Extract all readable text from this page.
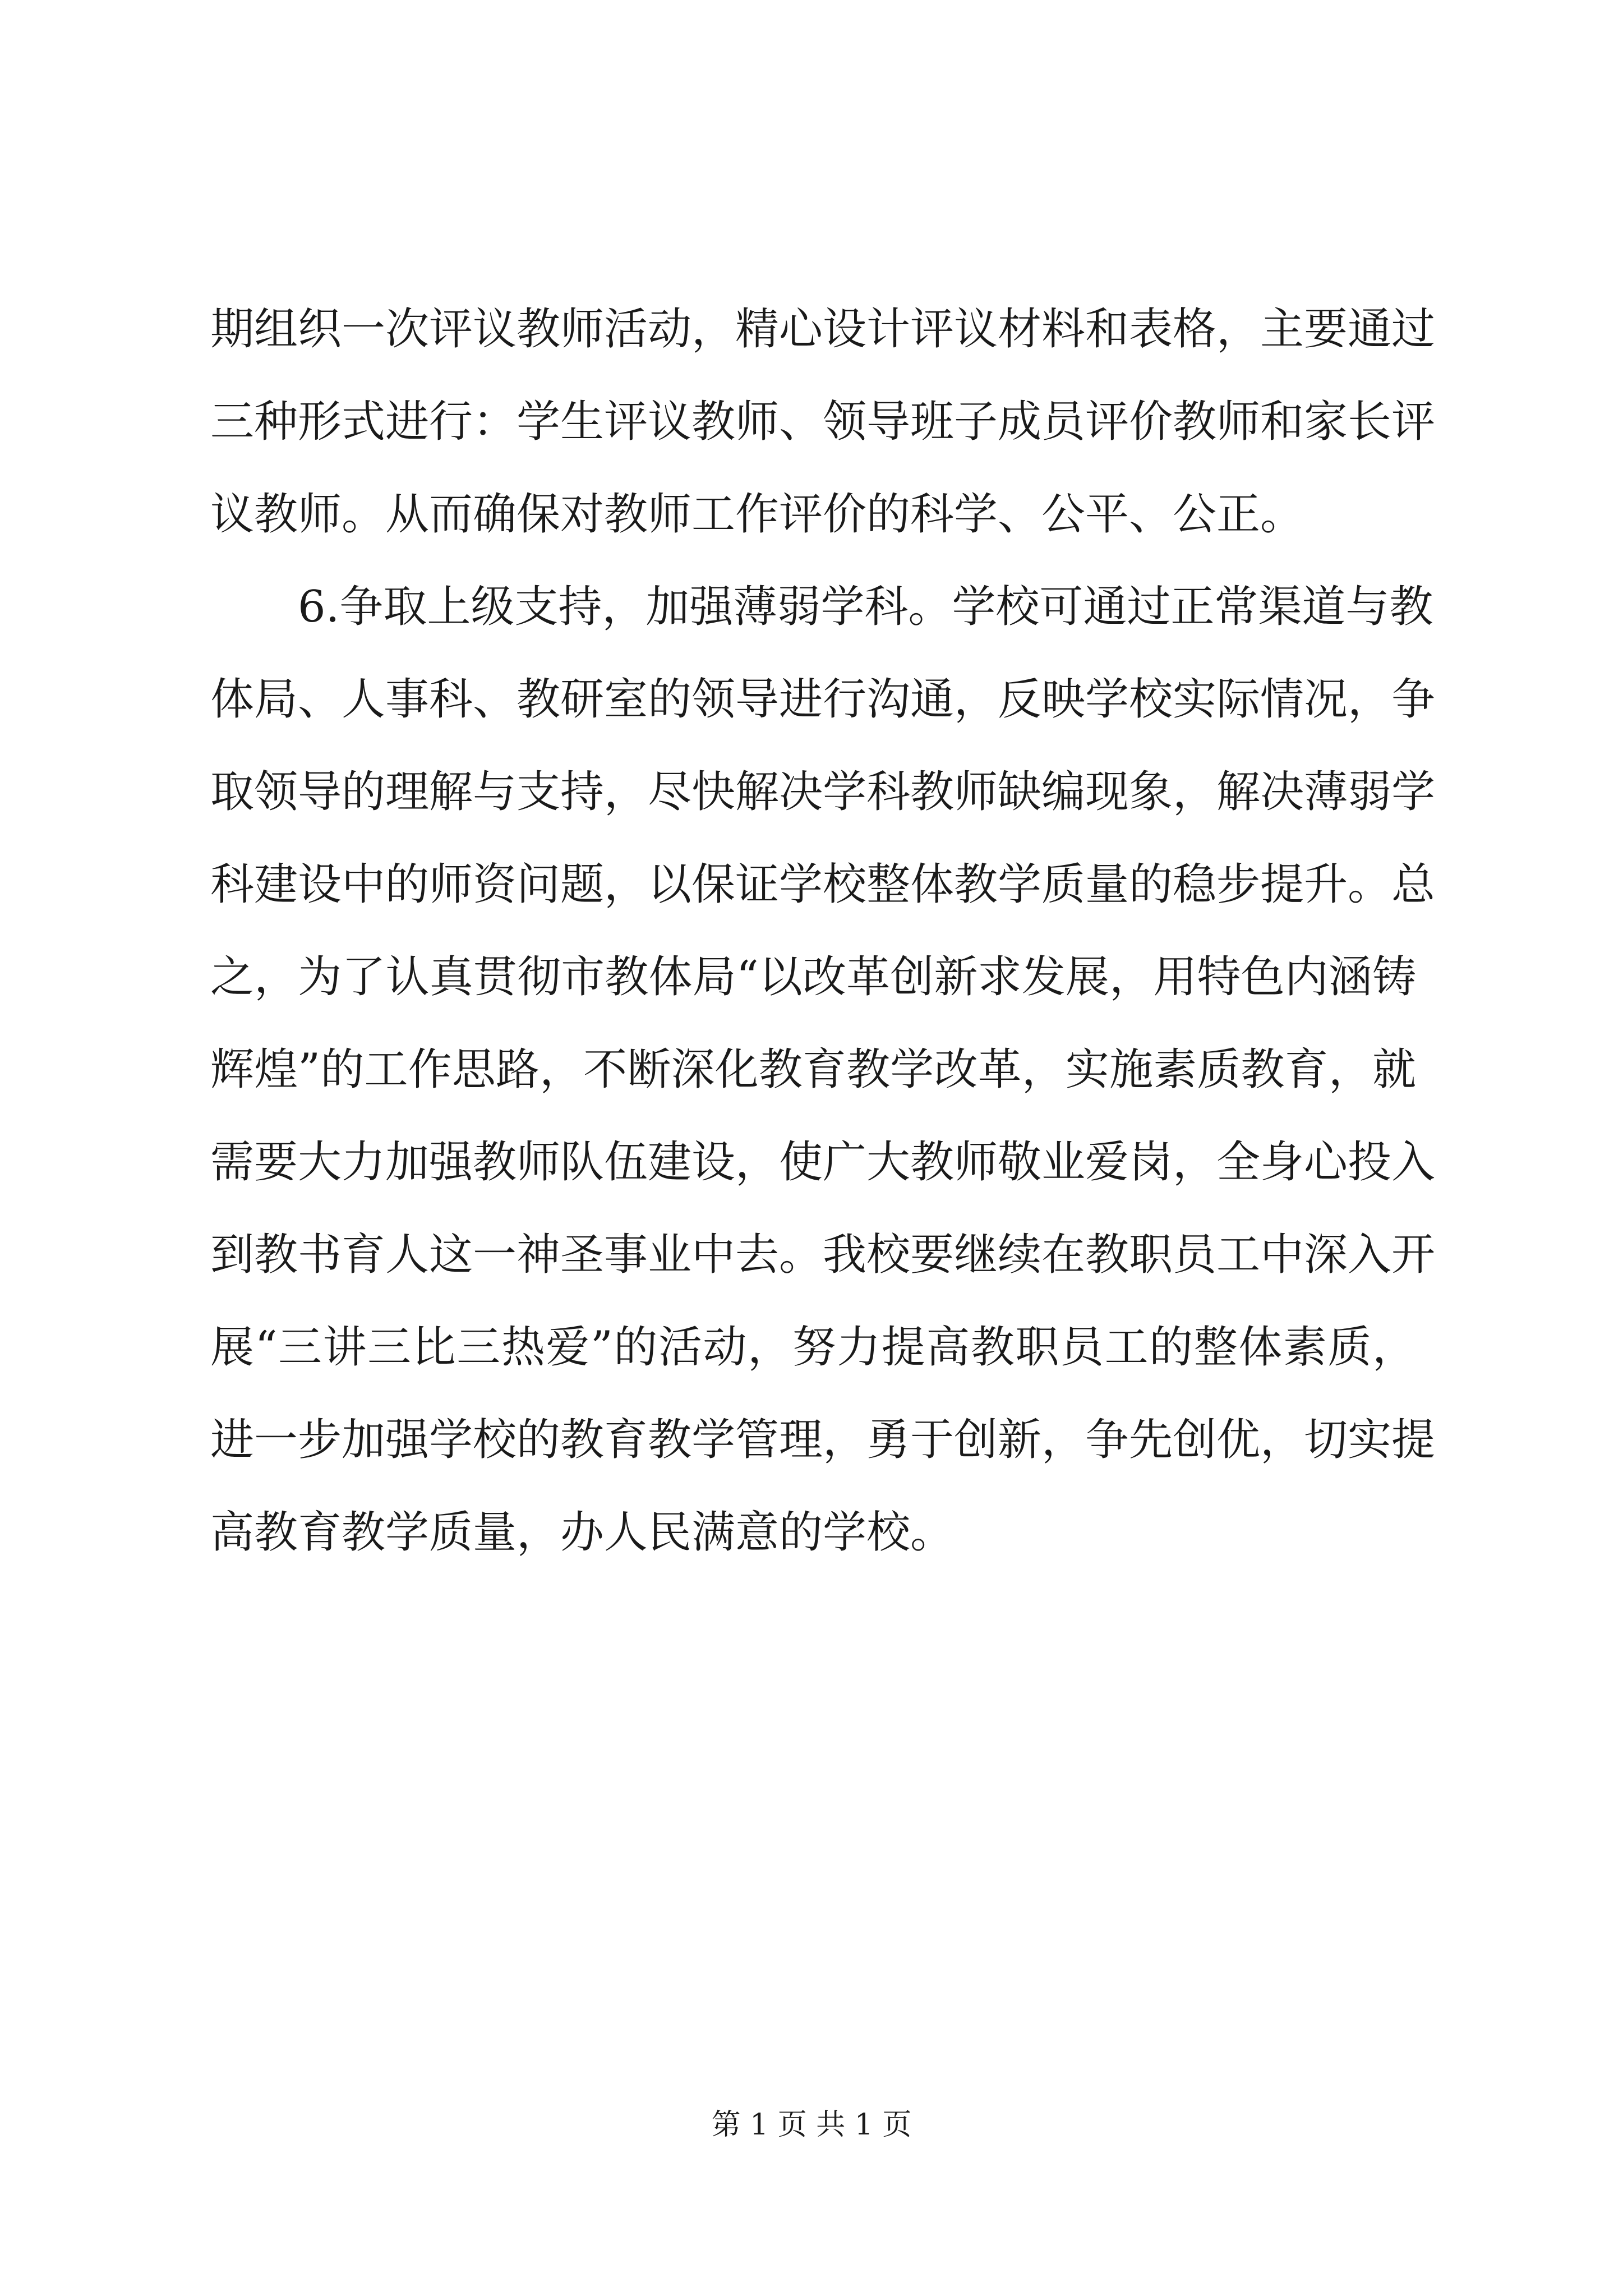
期组织一次评议教师活动，精心设计评议材料和表格，主要通过
三种形式进行：学生评议教师、领导班子成员评价教师和家长评
议教师。从而确保对教师工作评价的科学、公平、公正。
6.争取上级支持，加强薄弱学科。学校可通过正常渠道与教
体局、人事科、教研室的领导进行沟通，反映学校实际情况，争
取领导的理解与支持，尽快解决学科教师缺编现象，解决薄弱学
科建设中的师资问题，以保证学校整体教学质量的稳步提升。总
之，为了认真贯彻市教体局“以改革创新求发展，用特色内涵铸
辉煌”的工作思路，不断深化教育教学改革，实施素质教育，就
需要大力加强教师队伍建设，使广大教师敬业爱岗，全身心投入
到教书育人这一神圣事业中去。我校要继续在教职员工中深入开
展“三讲三比三热爱”的活动，努力提高教职员工的整体素质，
进一步加强学校的教育教学管理，勇于创新，争先创优，切实提
高教育教学质量，办人民满意的学校。
第 1 页 共 1 页
